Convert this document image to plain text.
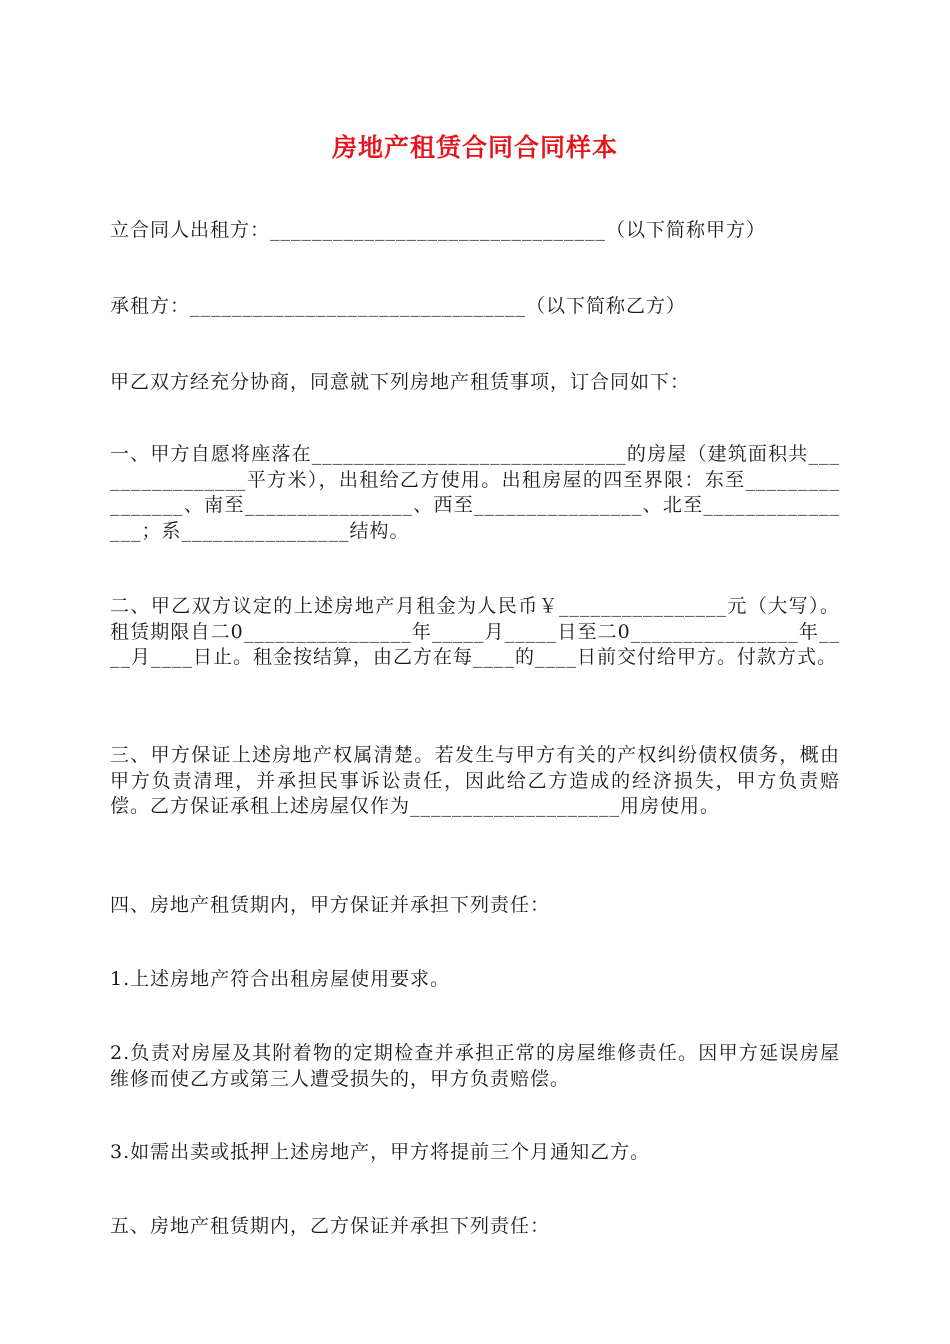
房地产租赁合同合同样本
立合同人出租方：________________________________（以下简称甲方）
承租方：________________________________（以下简称乙方）
甲乙双方经充分协商，同意就下列房地产租赁事项，订合同如下：
一、甲方自愿将座落在______________________________的房屋（建筑面积共________________平方米），出租给乙方使用。出租房屋的四至界限：东至________________、南至________________、西至________________、北至________________；系________________结构。
二、甲乙双方议定的上述房地产月租金为人民币￥________________元（大写）。租赁期限自二0________________年_____月_____日至二0________________年____月____日止。租金按结算，由乙方在每____的____日前交付给甲方。付款方式。
三、甲方保证上述房地产权属清楚。若发生与甲方有关的产权纠纷债权债务，概由甲方负责清理，并承担民事诉讼责任，因此给乙方造成的经济损失，甲方负责赔偿。乙方保证承租上述房屋仅作为____________________用房使用。
四、房地产租赁期内，甲方保证并承担下列责任：
1.上述房地产符合出租房屋使用要求。
2.负责对房屋及其附着物的定期检查并承担正常的房屋维修责任。因甲方延误房屋维修而使乙方或第三人遭受损失的，甲方负责赔偿。
3.如需出卖或抵押上述房地产，甲方将提前三个月通知乙方。
五、房地产租赁期内，乙方保证并承担下列责任：
